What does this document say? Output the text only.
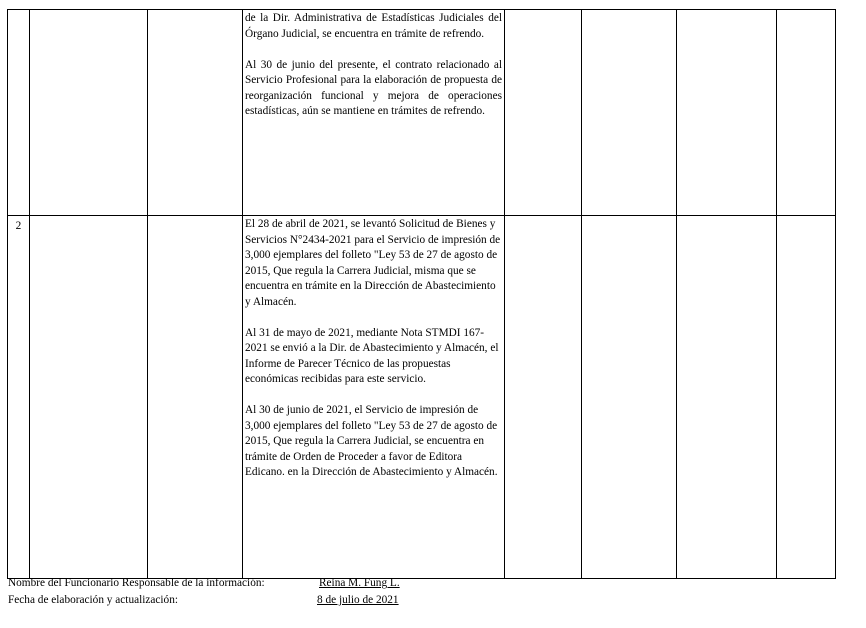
			de la Dir. Administrativa de Estadísticas Judiciales del Órgano Judicial, se encuentra en trámite de refrendo.

Al 30 de junio del presente, el contrato relacionado al Servicio Profesional para la elaboración de propuesta de reorganización funcional y mejora de operaciones estadísticas, aún se mantiene en trámites de refrendo.				

2			El 28 de abril de 2021, se levantó Solicitud de Bienes y Servicios N°2434-2021 para el Servicio de impresión de 3,000 ejemplares del folleto "Ley 53 de 27 de agosto de 2015, Que regula la Carrera Judicial, misma que se encuentra en trámite en la Dirección de Abastecimiento y Almacén.

Al 31 de mayo de 2021, mediante Nota STMDI 167-2021 se envió a la Dir. de Abastecimiento y Almacén, el Informe de Parecer Técnico de las propuestas económicas recibidas para este servicio.

Al 30 de junio de 2021, el Servicio de impresión de 3,000 ejemplares del folleto "Ley 53 de 27 de agosto de 2015, Que regula la Carrera Judicial, se encuentra en trámite de Orden de Proceder a favor de Editora Edicano. en la Dirección de Abastecimiento y Almacén.				

Nombre del Funcionario Responsable de la información:	Reina M. Fung L.
Fecha de elaboración y actualización:	8 de julio de 2021
